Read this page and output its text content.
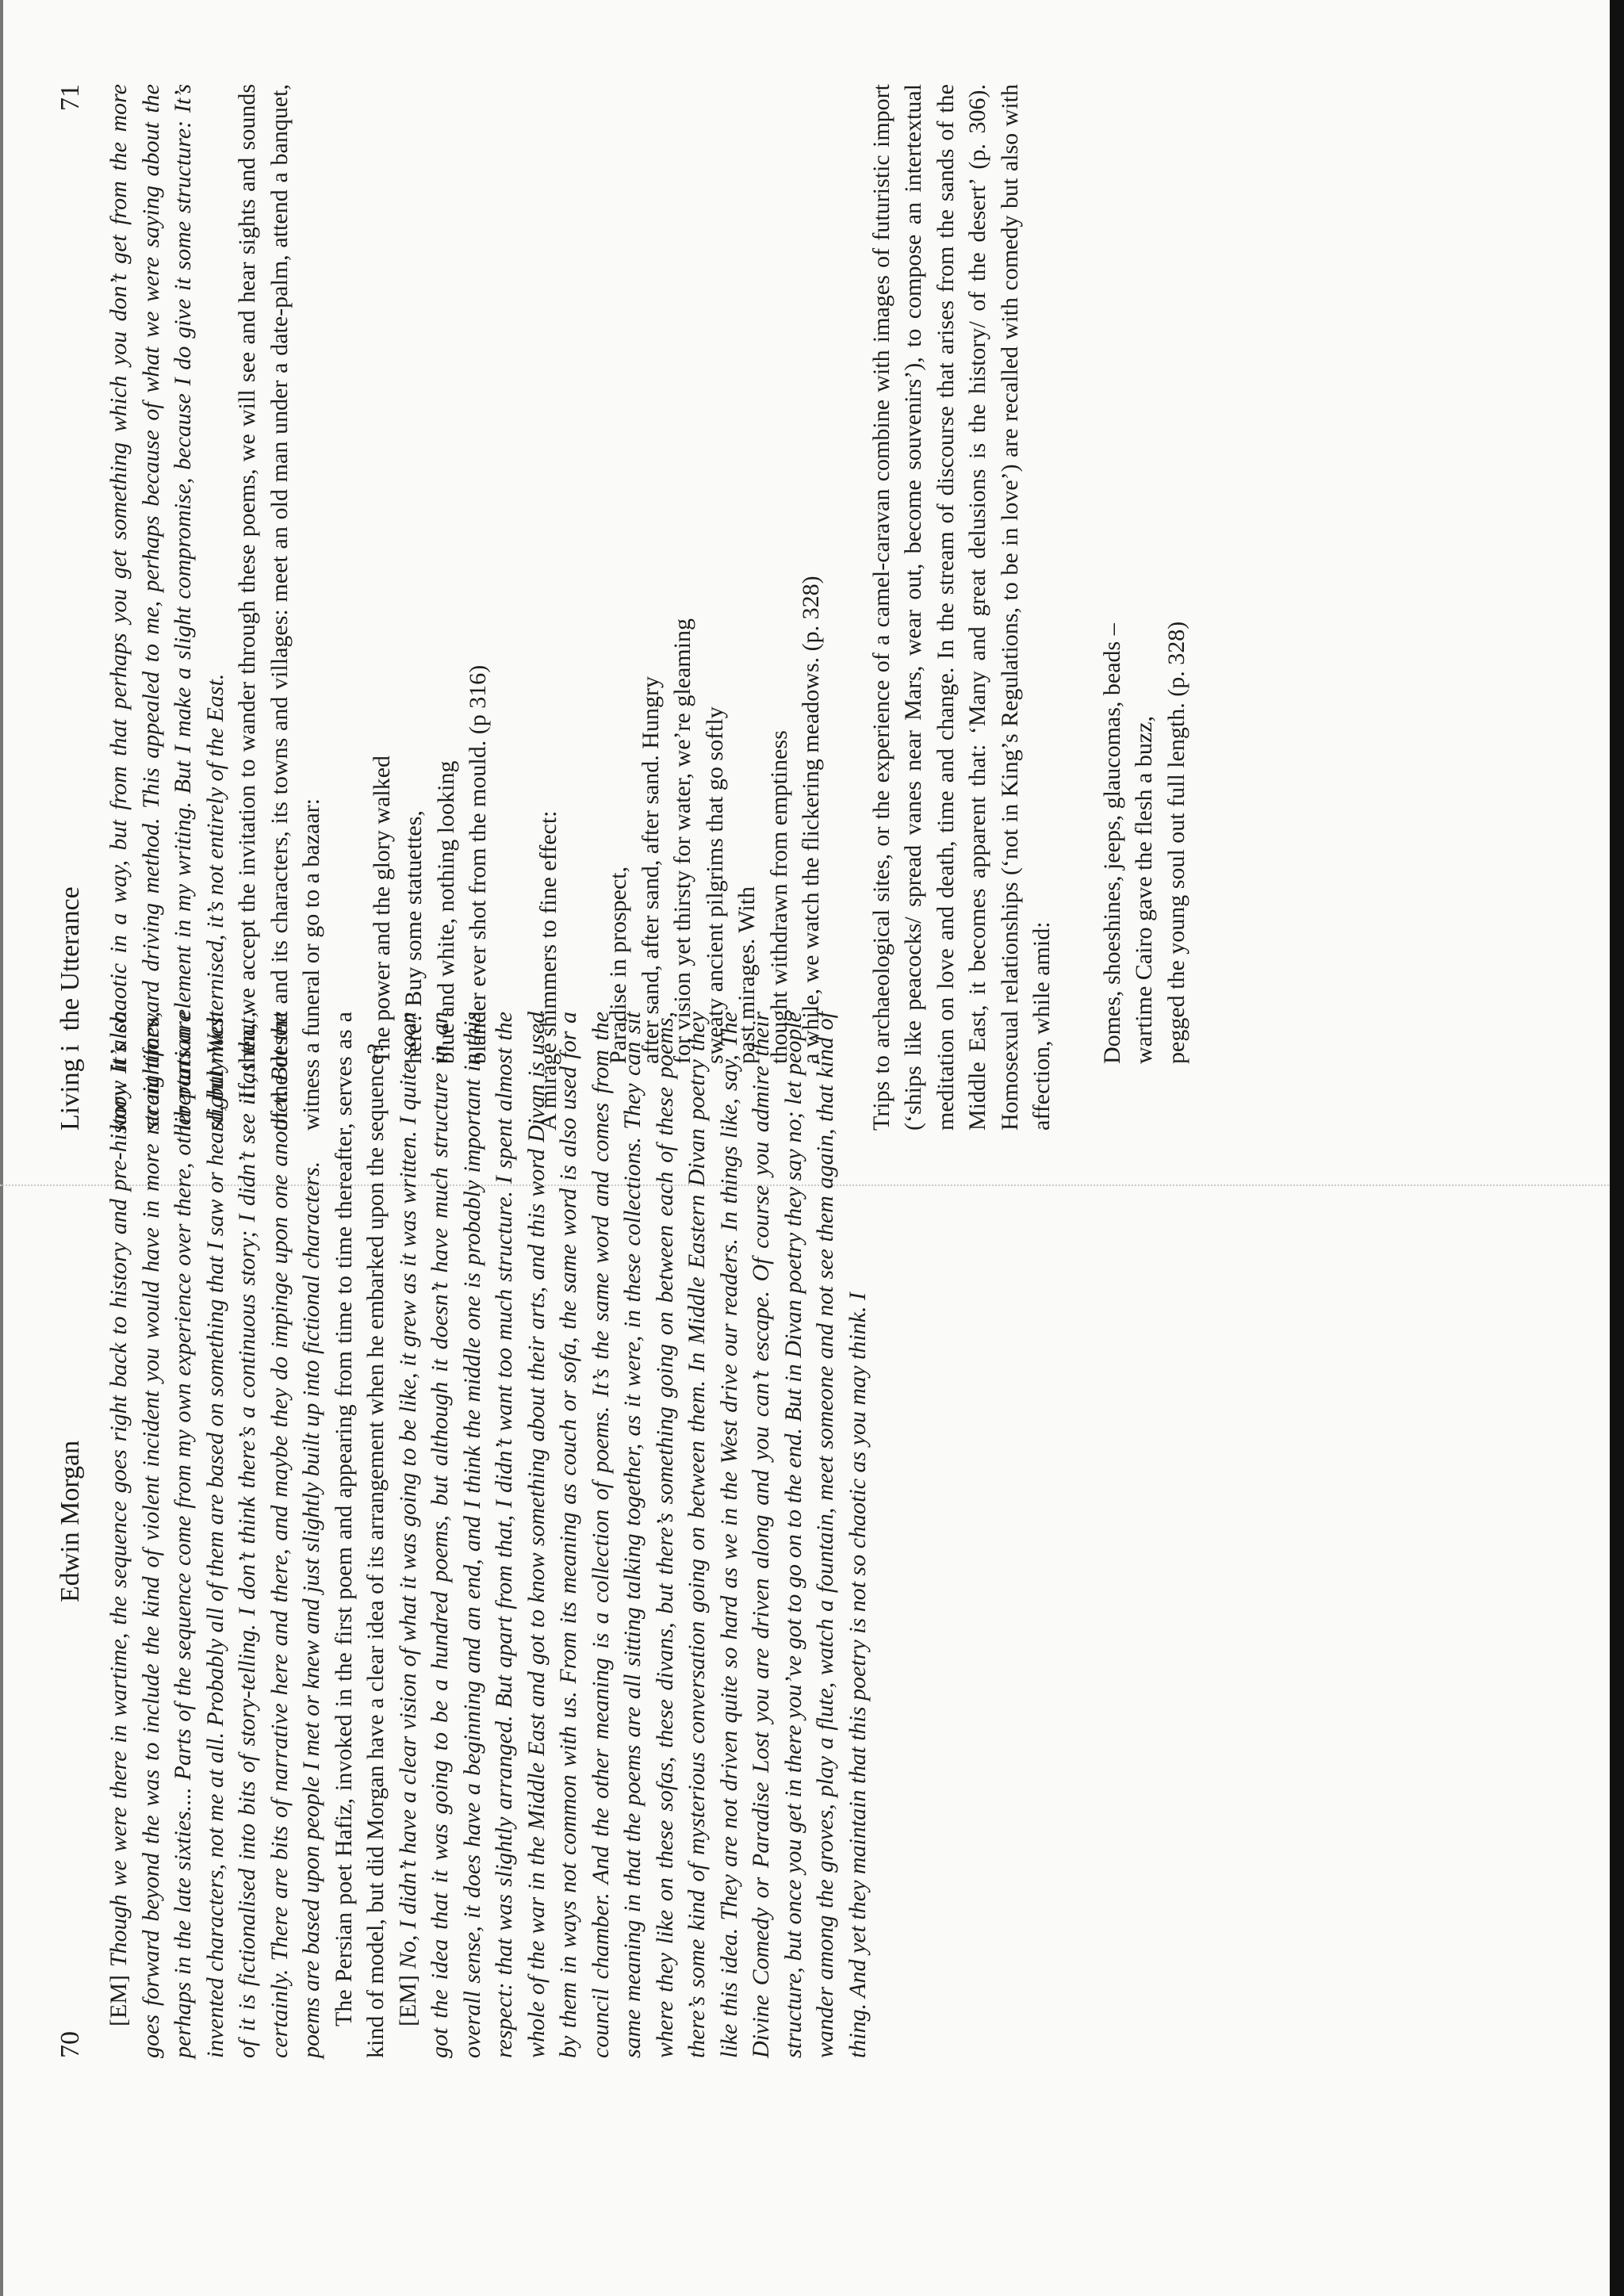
70
Edwin Morgan

[EM] Though we were there in wartime, the sequence goes right back to history and pre-history. It also goes forward beyond the was to include the kind of violent incident you would have in more recent times, perhaps in the late sixties.... Parts of the sequence come from my own experience over there, other parts are invented characters, not me at all. Probably all of them are based on something that I saw or heard, but much of it is fictionalised into bits of story-telling. I don’t think there’s a continuous story; I didn’t see it as that, certainly. There are bits of narrative here and there, and maybe they do impinge upon one another. But the poems are based upon people I met or knew and just slightly built up into fictional characters. The Persian poet Hafiz, invoked in the first poem and appearing from time to time thereafter, serves as a kind of model, but did Morgan have a clear idea of its arrangement when he embarked upon the sequence? [EM] No, I didn’t have a clear vision of what it was going to be like, it grew as it was written. I quite soon got the idea that it was going to be a hundred poems, but although it doesn’t have much structure in an overall sense, it does have a beginning and an end, and I think the middle one is probably important in this respect: that was slightly arranged. But apart from that, I didn’t want too much structure. I spent almost the whole of the war in the Middle East and got to know something about their arts, and this word Divan is used by them in ways not common with us. From its meaning as couch or sofa, the same word is also used for a council chamber. And the other meaning is a collection of poems. It’s the same word and comes from the same meaning in that the poems are all sitting talking together, as it were, in these collections. They can sit where they like on these sofas, these divans, but there’s something going on between each of these poems, there’s some kind of mysterious conversation going on between them. In Middle Eastern Divan poetry they like this idea. They are not driven quite so hard as we in the West drive our readers. In things like, say, The Divine Comedy or Paradise Lost you are driven along and you can’t escape. Of course you admire their structure, but once you get in there you’ve got to go on to the end. But in Divan poetry they say no; let people wander among the groves, play a flute, watch a fountain, meet someone and not see them again, that kind of thing. And yet they maintain that this poetry is not so chaotic as you may think. I

Living i  the Utterance
71 know it’s chaotic in a way, but from that perhaps you get something which you don’t get from the more straightforward driving method. This appealed to me, perhaps because of what we were saying about the libertarian element in my writing. But I make a slight compromise, because I do give it some structure: It’s slightly Westernised, it’s not entirely of the East. If, then, we accept the invitation to wander through these poems, we will see and hear sights and sounds of the desert and its characters, its towns and villages: meet an old man under a date-palm, attend a banquet, witness a funeral or go to a bazaar: The power and the glory walked here? Buy some statuettes, blue and white, nothing looking blander ever shot from the mould. (p 316) A mirage shimmers to fine effect: Paradise in prospect, after sand, after sand, after sand. Hungry for vision yet thirsty for water, we’re gleaming sweaty ancient pilgrims that go softly past mirages. With thought withdrawn from emptiness a while, we watch the flickering meadows. (p. 328) Trips to archaeological sites, or the experience of a camel-caravan combine with images of futuristic import (‘ships like peacocks/ spread vanes near Mars, wear out, become souvenirs’), to compose an intertextual meditation on love and death, time and change. In the stream of discourse that arises from the sands of the Middle East, it becomes apparent that: ‘Many and great delusions is the history/ of the desert’ (p. 306). Homosexual relationships (‘not in King’s Regulations, to be in love’) are recalled with comedy but also with affection, while amid: Domes, shoeshines, jeeps, glaucomas, beads – wartime Cairo gave the flesh a buzz, pegged the young soul out full length. (p. 328)
